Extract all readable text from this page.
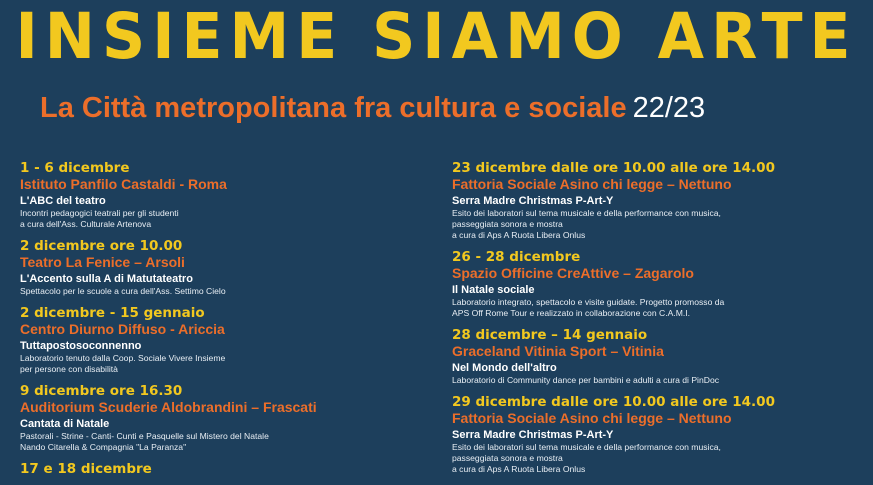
INSIEME SIAMO ARTE
La Città metropolitana fra cultura e sociale 22/23
1 - 6 dicembre
Istituto Panfilo Castaldi - Roma
L'ABC del teatro
Incontri pedagogici teatrali per gli studenti
a cura dell'Ass. Culturale Artenova
2 dicembre ore 10.00
Teatro La Fenice – Arsoli
L'Accento sulla A di Matutateatro
Spettacolo per le scuole a cura dell'Ass. Settimo Cielo
2 dicembre - 15 gennaio
Centro Diurno Diffuso - Ariccia
Tuttapostosoconnenno
Laboratorio tenuto dalla Coop. Sociale Vivere Insieme
per persone con disabilità
9 dicembre ore 16.30
Auditorium Scuderie Aldobrandini – Frascati
Cantata di Natale
Pastorali - Strine - Canti- Cunti e Pasquelle sul Mistero del Natale
Nando Citarella & Compagnia "La Paranza"
17 e 18 dicembre
23 dicembre dalle ore 10.00 alle ore 14.00
Fattoria Sociale Asino chi legge – Nettuno
Serra Madre Christmas P-Art-Y
Esito dei laboratori sul tema musicale e della performance con musica,
passeggiata sonora e mostra
a cura di Aps A Ruota Libera Onlus
26 - 28 dicembre
Spazio Officine CreAttive – Zagarolo
Il Natale sociale
Laboratorio integrato, spettacolo e visite guidate. Progetto promosso da
APS Off Rome Tour e realizzato in collaborazione con C.A.M.I.
28 dicembre – 14 gennaio
Graceland Vitinia Sport – Vitinia
Nel Mondo dell'altro
Laboratorio di Community dance per bambini e adulti a cura di PinDoc
29 dicembre dalle ore 10.00 alle ore 14.00
Fattoria Sociale Asino chi legge – Nettuno
Serra Madre Christmas P-Art-Y
Esito dei laboratori sul tema musicale e della performance con musica,
passeggiata sonora e mostra
a cura di Aps A Ruota Libera Onlus
